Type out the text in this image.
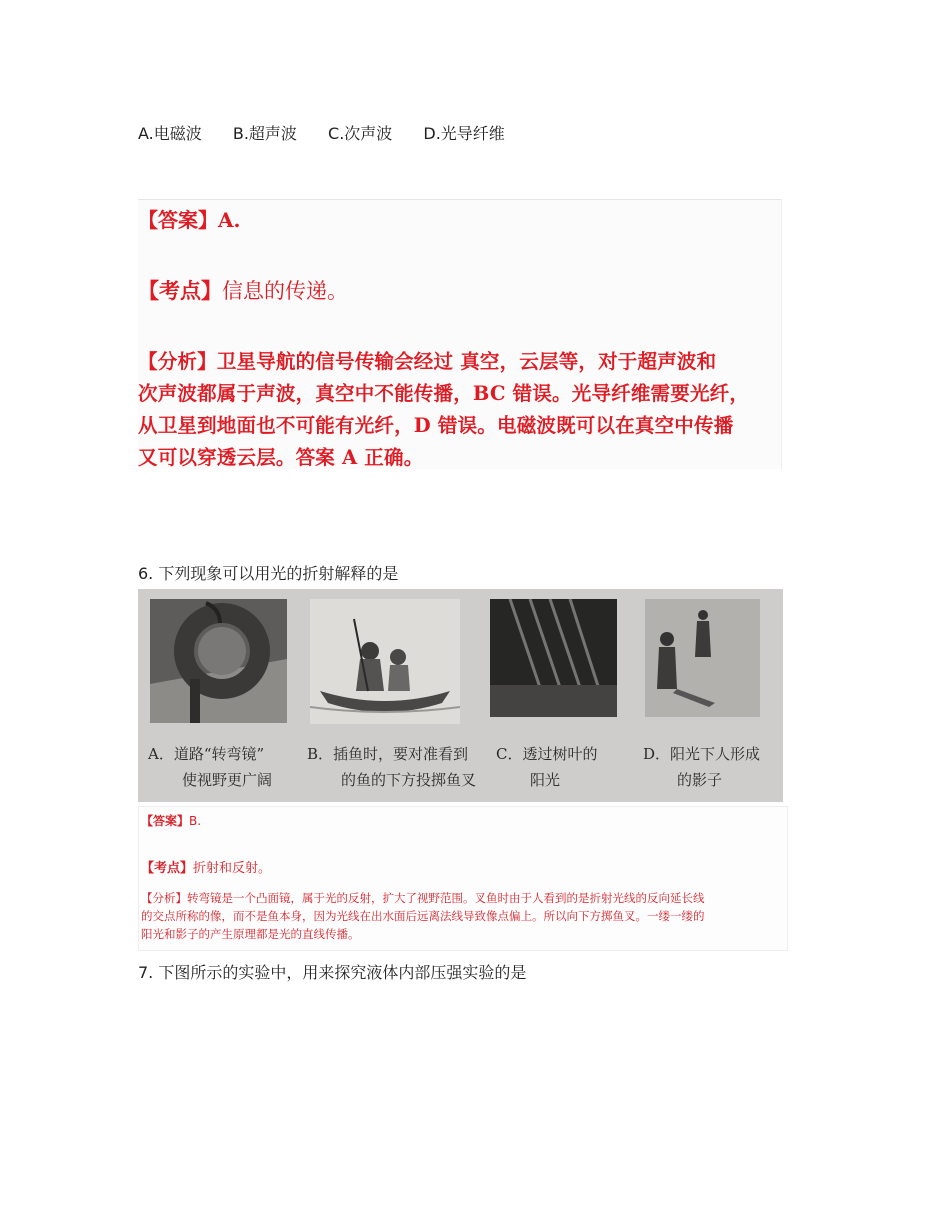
A.电磁波 B.超声波 C.次声波 D.光导纤维
【答案】A.
【考点】信息的传递。
【分析】卫星导航的信号传输会经过 真空，云层等，对于超声波和
次声波都属于声波，真空中不能传播，BC 错误。光导纤维需要光纤，
从卫星到地面也不可能有光纤，D 错误。电磁波既可以在真空中传播
又可以穿透云层。答案 A 正确。
6. 下列现象可以用光的折射解释的是
A．道路“转弯镜”
使视野更广阔
B．插鱼时，要对准看到
的鱼的下方投掷鱼叉
C．透过树叶的
阳光
D．阳光下人形成
的影子
【答案】B.
【考点】折射和反射。
【分析】转弯镜是一个凸面镜，属于光的反射，扩大了视野范围。叉鱼时由于人看到的是折射光线的反向延长线
的交点所称的像，而不是鱼本身，因为光线在出水面后远离法线导致像点偏上。所以向下方掷鱼叉。一缕一缕的
阳光和影子的产生原理都是光的直线传播。
7. 下图所示的实验中，用来探究液体内部压强实验的是
